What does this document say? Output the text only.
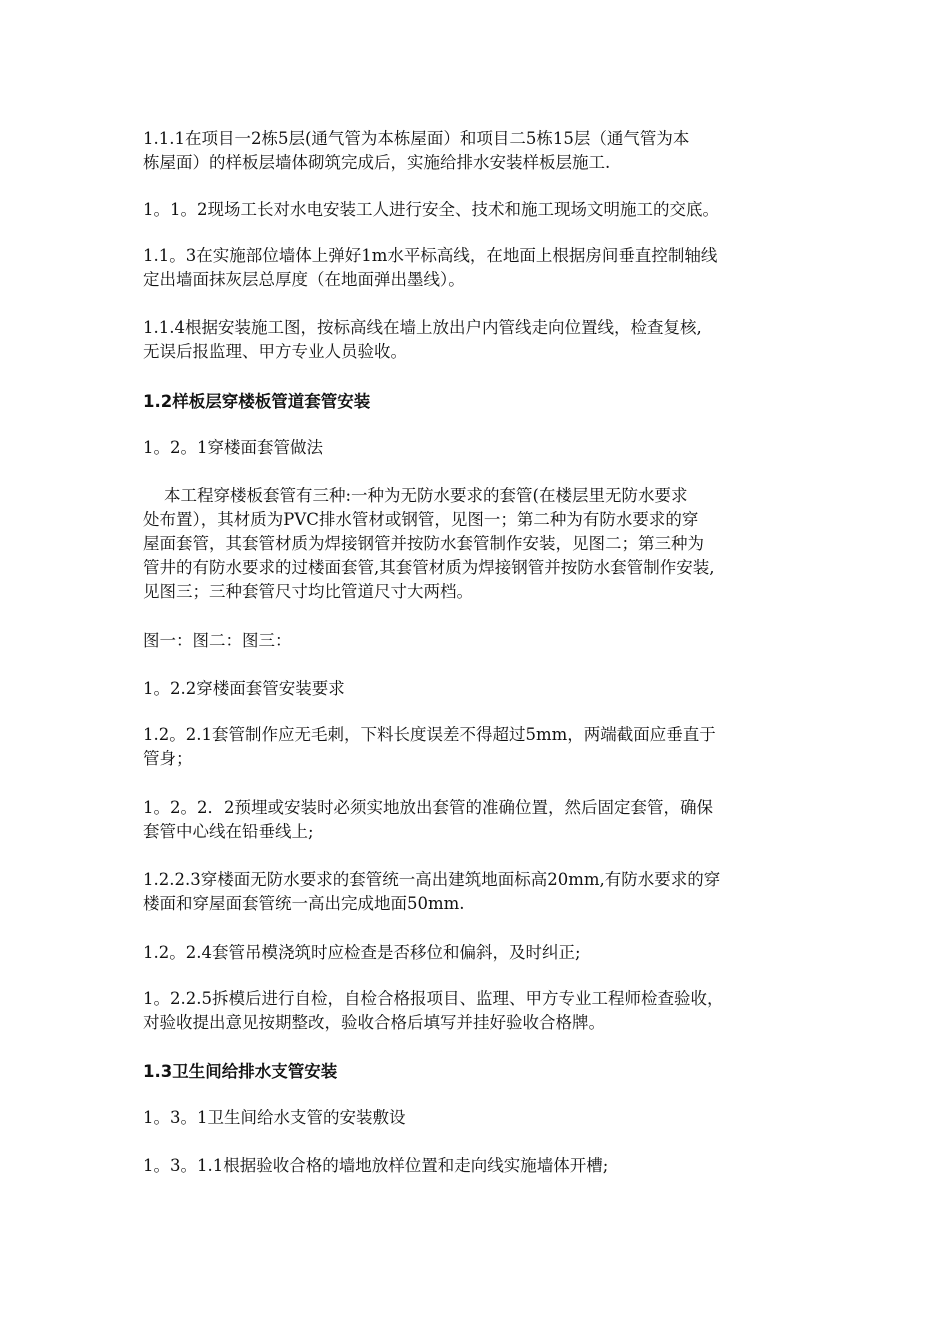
1.1.1在项目一2栋5层(通气管为本栋屋面）和项目二5栋15层（通气管为本
栋屋面）的样板层墙体砌筑完成后，实施给排水安装样板层施工.

1。1。2现场工长对水电安装工人进行安全、技术和施工现场文明施工的交底。

1.1。3在实施部位墙体上弹好1m水平标高线，在地面上根据房间垂直控制轴线
定出墙面抹灰层总厚度（在地面弹出墨线）。

1.1.4根据安装施工图，按标高线在墙上放出户内管线走向位置线，检查复核,
无误后报监理、甲方专业人员验收。

1.2样板层穿楼板管道套管安装

1。2。1穿楼面套管做法

本工程穿楼板套管有三种:一种为无防水要求的套管(在楼层里无防水要求
处布置），其材质为PVC排水管材或钢管，见图一；第二种为有防水要求的穿
屋面套管，其套管材质为焊接钢管并按防水套管制作安装，见图二；第三种为
管井的有防水要求的过楼面套管,其套管材质为焊接钢管并按防水套管制作安装,
见图三；三种套管尺寸均比管道尺寸大两档。

图一：图二：图三：

1。2.2穿楼面套管安装要求

1.2。2.1套管制作应无毛刺，下料长度误差不得超过5mm，两端截面应垂直于
管身；

1。2。2．2预埋或安装时必须实地放出套管的准确位置，然后固定套管，确保
套管中心线在铅垂线上;

1.2.2.3穿楼面无防水要求的套管统一高出建筑地面标高20mm,有防水要求的穿
楼面和穿屋面套管统一高出完成地面50mm.

1.2。2.4套管吊模浇筑时应检查是否移位和偏斜，及时纠正;

1。2.2.5拆模后进行自检，自检合格报项目、监理、甲方专业工程师检查验收，
对验收提出意见按期整改，验收合格后填写并挂好验收合格牌。

1.3卫生间给排水支管安装

1。3。1卫生间给水支管的安装敷设

1。3。1.1根据验收合格的墙地放样位置和走向线实施墙体开槽;
